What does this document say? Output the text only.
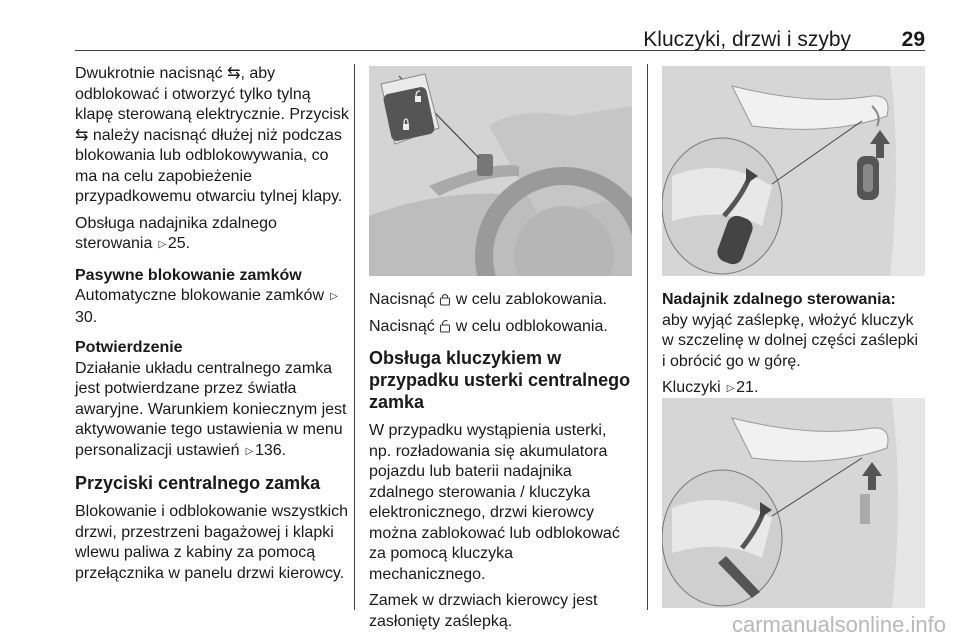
Kluczyki, drzwi i szyby 29

Dwukrotnie nacisnąć ⇆, aby odblokować i otworzyć tylko tylną klapę sterowaną elektrycznie. Przycisk ⇆ należy nacisnąć dłużej niż podczas blokowania lub odblokowywania, co ma na celu zapobieżenie przypadkowemu otwarciu tylnej klapy.

Obsługa nadajnika zdalnego sterowania ▷ 25.

Pasywne blokowanie zamków

Automatyczne blokowanie zamków ▷30.

Potwierdzenie

Działanie układu centralnego zamka jest potwierdzane przez światła awaryjne. Warunkiem koniecznym jest aktywowanie tego ustawienia w menu personalizacji ustawień ▷ 136.

Przyciski centralnego zamka

Blokowanie i odblokowanie wszystkich drzwi, przestrzeni bagażowej i klapki wlewu paliwa z kabiny za pomocą przełącznika w panelu drzwi kierowcy.

Nacisnąć w celu zablokowania.

Nacisnąć w celu odblokowania.

Obsługa kluczykiem w przypadku usterki centralnego zamka

W przypadku wystąpienia usterki, np. rozładowania się akumulatora pojazdu lub baterii nadajnika zdalnego sterowania / kluczyka elektronicznego, drzwi kierowcy można zablokować lub odblokować za pomocą kluczyka mechanicznego.

Zamek w drzwiach kierowcy jest zasłonięty zaślepką.

Nadajnik zdalnego sterowania: aby wyjąć zaślepkę, włożyć kluczyk w szczelinę w dolnej części zaślepki i obrócić go w górę.

Kluczyki ▷ 21.

carmanualsonline.info
